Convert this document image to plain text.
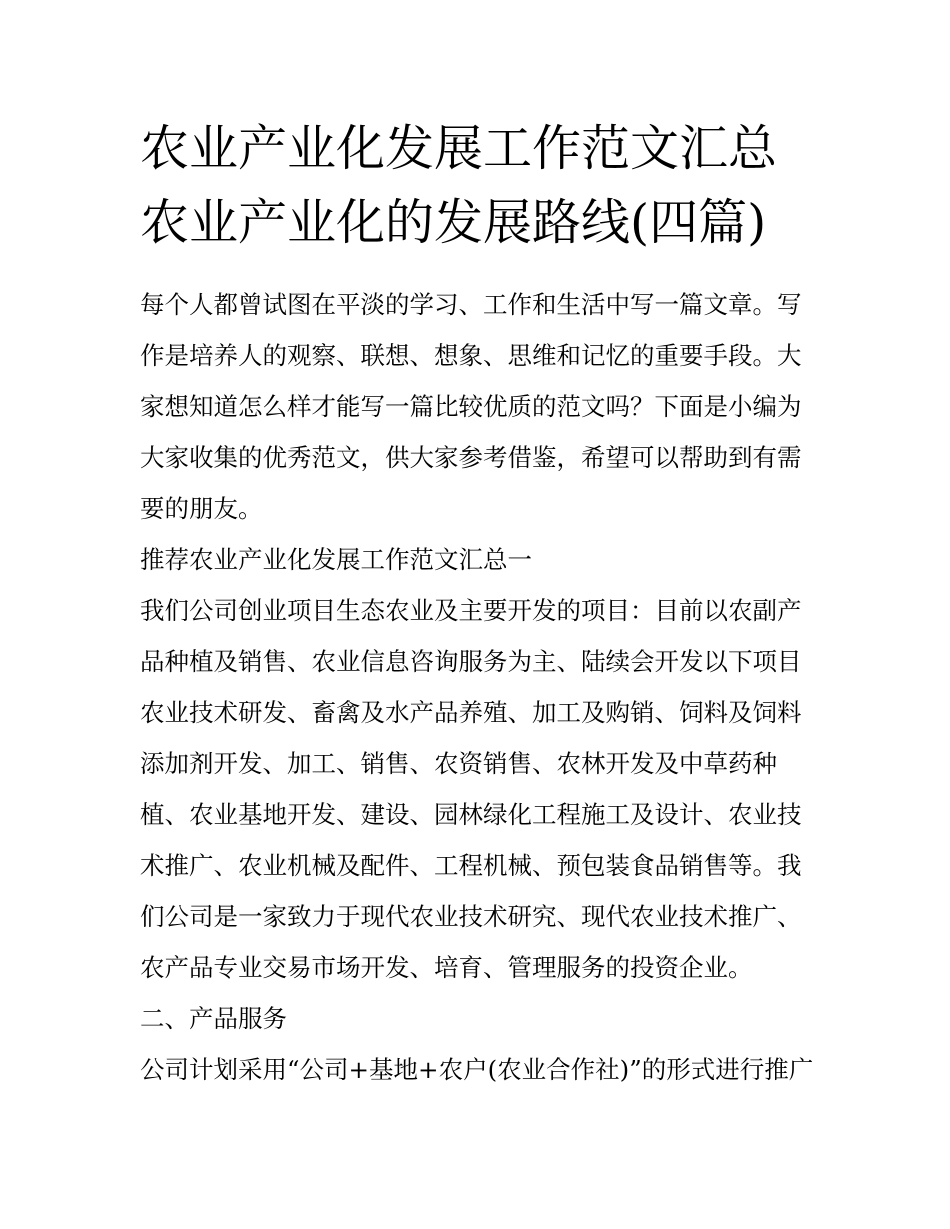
农业产业化发展工作范文汇总
农业产业化的发展路线(四篇)
每个人都曾试图在平淡的学习、工作和生活中写一篇文章。写
作是培养人的观察、联想、想象、思维和记忆的重要手段。大
家想知道怎么样才能写一篇比较优质的范文吗？下面是小编为
大家收集的优秀范文，供大家参考借鉴，希望可以帮助到有需
要的朋友。
推荐农业产业化发展工作范文汇总一
我们公司创业项目生态农业及主要开发的项目：目前以农副产
品种植及销售、农业信息咨询服务为主、陆续会开发以下项目
农业技术研发、畜禽及水产品养殖、加工及购销、饲料及饲料
添加剂开发、加工、销售、农资销售、农林开发及中草药种
植、农业基地开发、建设、园林绿化工程施工及设计、农业技
术推广、农业机械及配件、工程机械、预包装食品销售等。我
们公司是一家致力于现代农业技术研究、现代农业技术推广、
农产品专业交易市场开发、培育、管理服务的投资企业。
二、产品服务
公司计划采用“公司+基地+农户(农业合作社)”的形式进行推广
